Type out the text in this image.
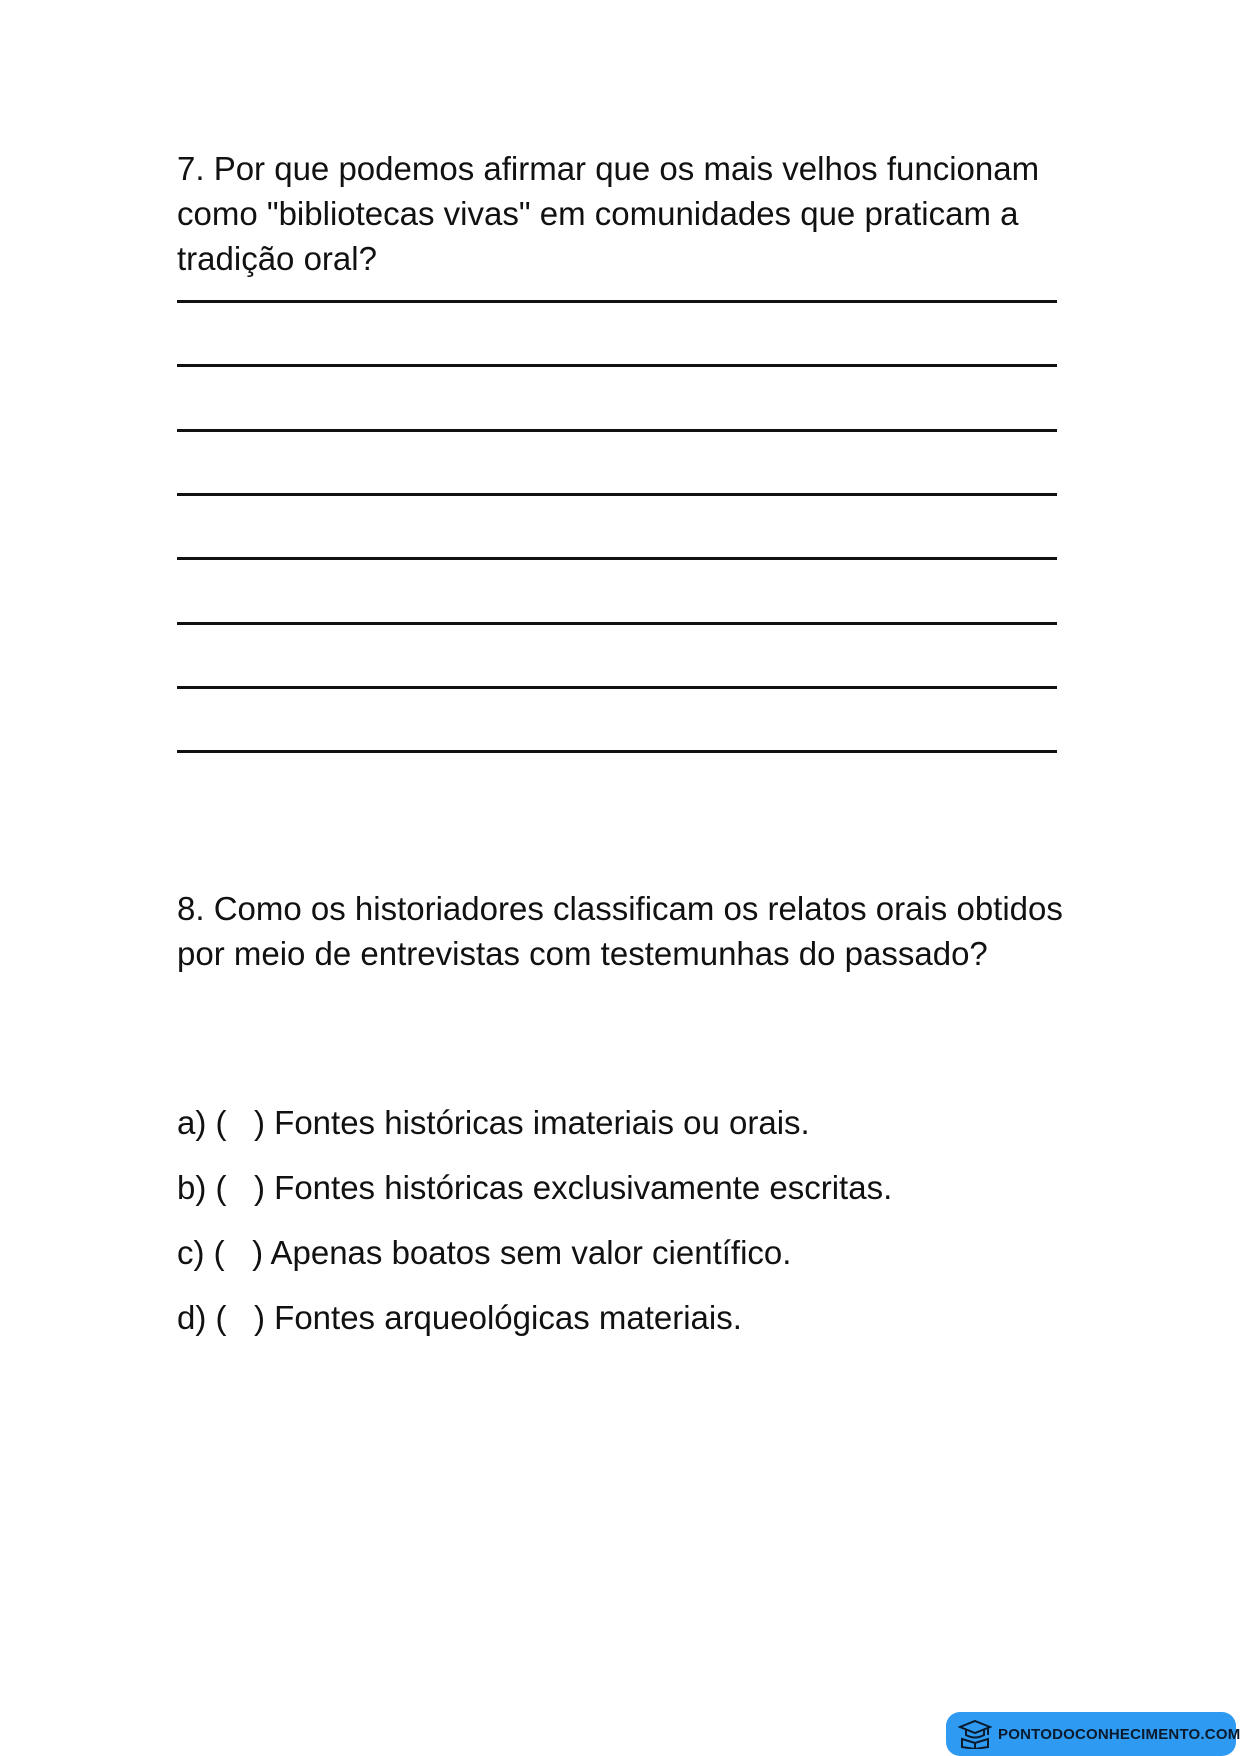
7. Por que podemos afirmar que os mais velhos funcionam como "bibliotecas vivas" em comunidades que praticam a tradição oral?

8. Como os historiadores classificam os relatos orais obtidos por meio de entrevistas com testemunhas do passado?

a) (   ) Fontes históricas imateriais ou orais.
b) (   ) Fontes históricas exclusivamente escritas.
c) (   ) Apenas boatos sem valor científico.
d) (   ) Fontes arqueológicas materiais.
PONTODOCONHECIMENTO.COM
